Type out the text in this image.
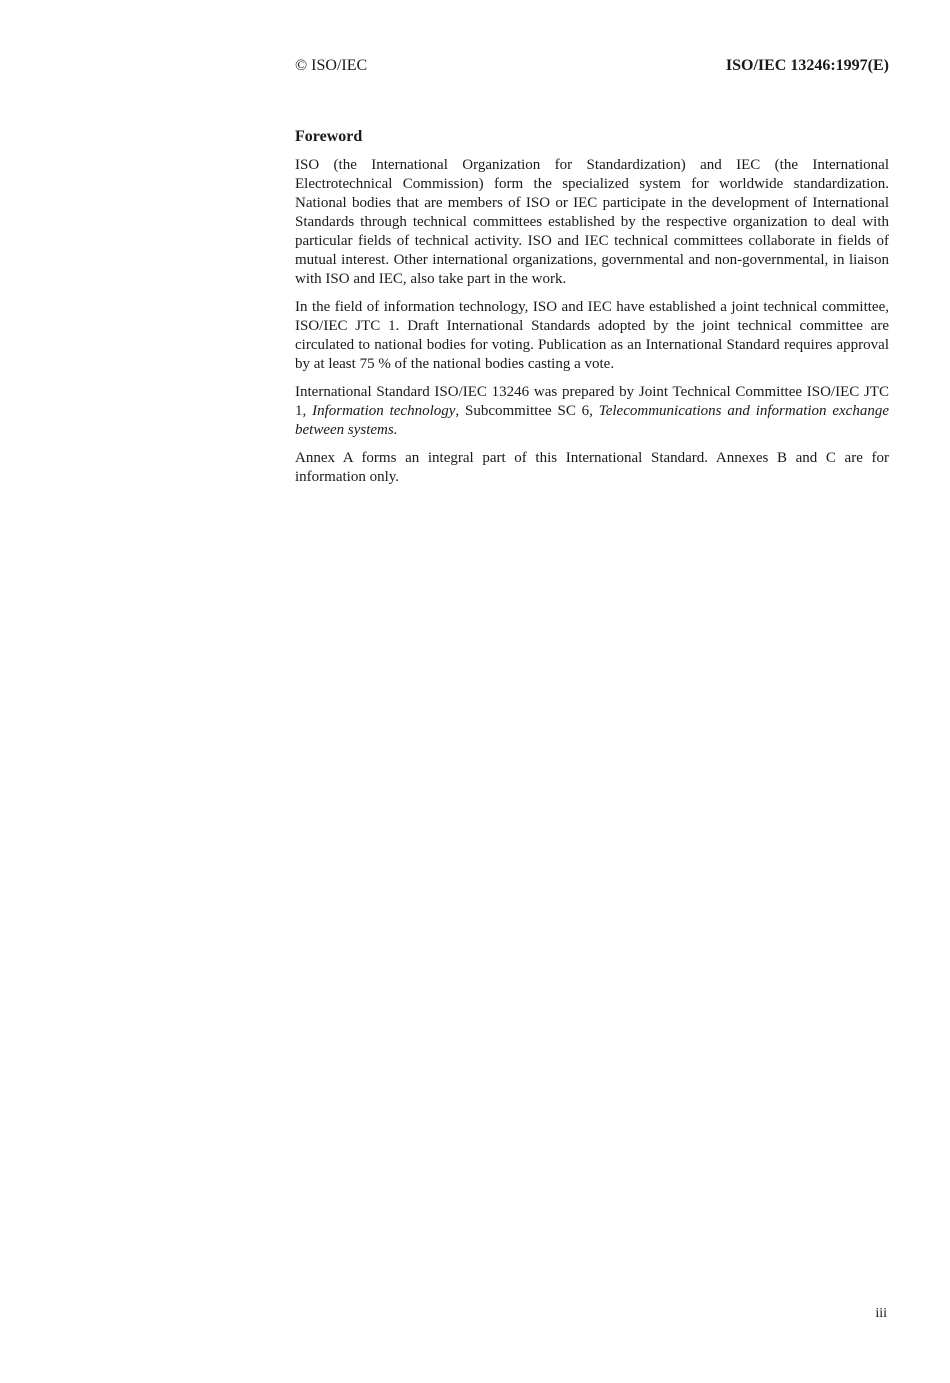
© ISO/IEC	ISO/IEC 13246:1997(E)
Foreword

ISO (the International Organization for Standardization) and IEC (the International Electrotechnical Commission) form the specialized system for worldwide standardization. National bodies that are members of ISO or IEC participate in the development of International Standards through technical committees established by the respective organization to deal with particular fields of technical activity. ISO and IEC technical committees collaborate in fields of mutual interest. Other international organizations, governmental and non-governmental, in liaison with ISO and IEC, also take part in the work.

In the field of information technology, ISO and IEC have established a joint technical committee, ISO/IEC JTC 1. Draft International Standards adopted by the joint technical committee are circulated to national bodies for voting. Publication as an International Standard requires approval by at least 75 % of the national bodies casting a vote.

International Standard ISO/IEC 13246 was prepared by Joint Technical Committee ISO/IEC JTC 1, Information technology, Subcommittee SC 6, Telecommunications and information exchange between systems.

Annex A forms an integral part of this International Standard. Annexes B and C are for information only.

iii
